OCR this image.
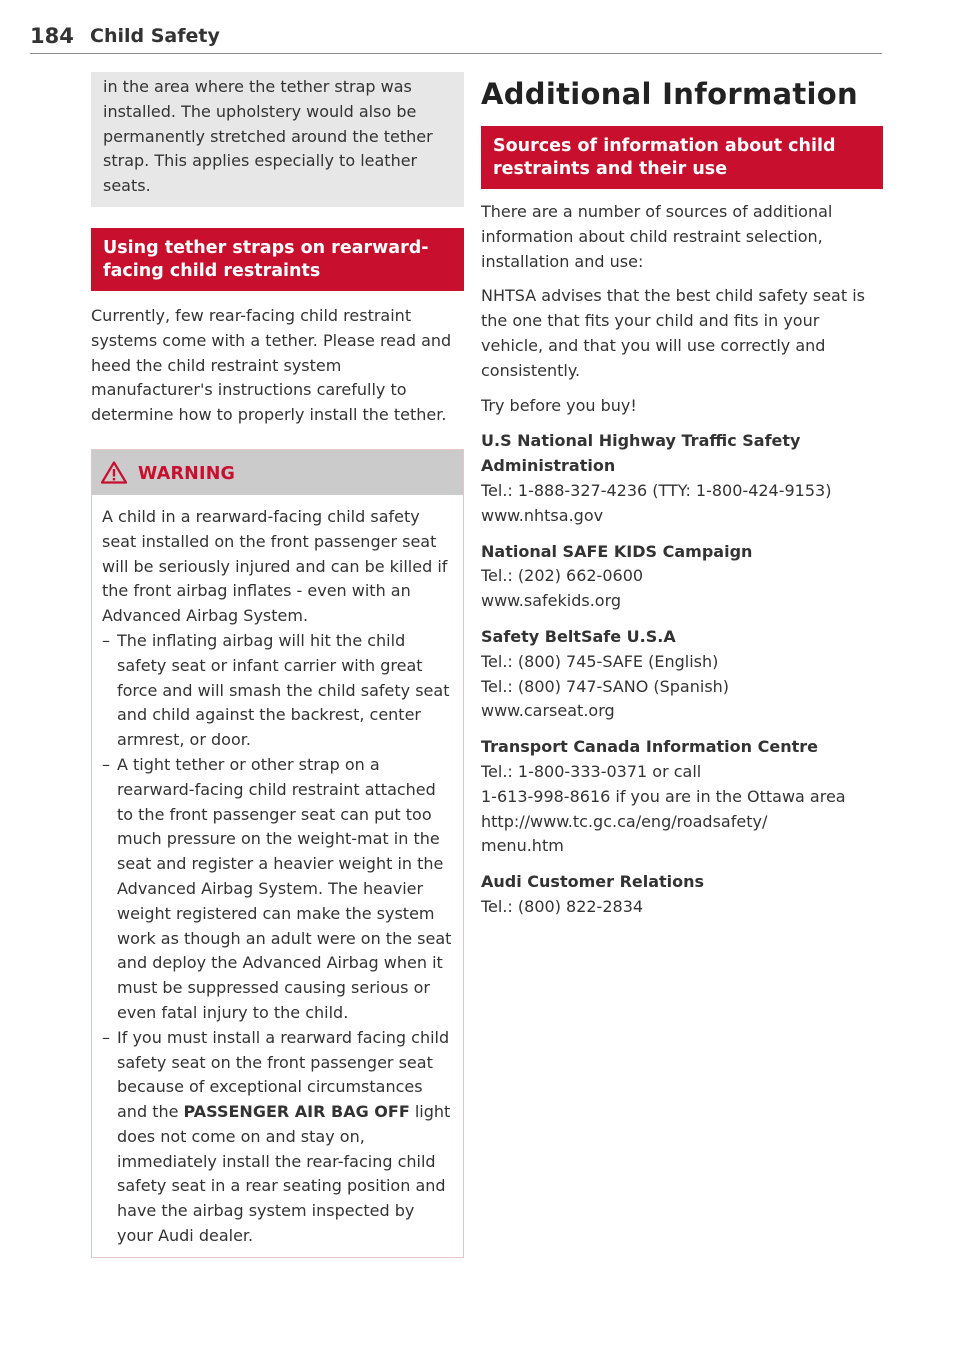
184 Child Safety

in the area where the tether strap was installed. The upholstery would also be permanently stretched around the tether strap. This applies especially to leather seats.

Using tether straps on rearward-facing child restraints

Currently, few rear-facing child restraint systems come with a tether. Please read and heed the child restraint system manufacturer's instructions carefully to determine how to properly install the tether.

WARNING

A child in a rearward-facing child safety seat installed on the front passenger seat will be seriously injured and can be killed if the front airbag inflates - even with an Advanced Airbag System.

– The inflating airbag will hit the child safety seat or infant carrier with great force and will smash the child safety seat and child against the backrest, center armrest, or door.
– A tight tether or other strap on a rearward-facing child restraint attached to the front passenger seat can put too much pressure on the weight-mat in the seat and register a heavier weight in the Advanced Airbag System. The heavier weight registered can make the system work as though an adult were on the seat and deploy the Advanced Airbag when it must be suppressed causing serious or even fatal injury to the child.
– If you must install a rearward facing child safety seat on the front passenger seat because of exceptional circumstances and the PASSENGER AIR BAG OFF light does not come on and stay on, immediately install the rear-facing child safety seat in a rear seating position and have the airbag system inspected by your Audi dealer.
Additional Information
Sources of information about child restraints and their use

There are a number of sources of additional information about child restraint selection, installation and use:

NHTSA advises that the best child safety seat is the one that fits your child and fits in your vehicle, and that you will use correctly and consistently.

Try before you buy!

U.S National Highway Traffic Safety Administration

Tel.: 1-888-327-4236 (TTY: 1-800-424-9153)

www.nhtsa.gov

National SAFE KIDS Campaign

Tel.: (202) 662-0600

www.safekids.org

Safety BeltSafe U.S.A

Tel.: (800) 745-SAFE (English)

Tel.: (800) 747-SANO (Spanish)

www.carseat.org

Transport Canada Information Centre

Tel.: 1-800-333-0371 or call

1-613-998-8616 if you are in the Ottawa area

http://www.tc.gc.ca/eng/roadsafety/

menu.htm

Audi Customer Relations

Tel.: (800) 822-2834
